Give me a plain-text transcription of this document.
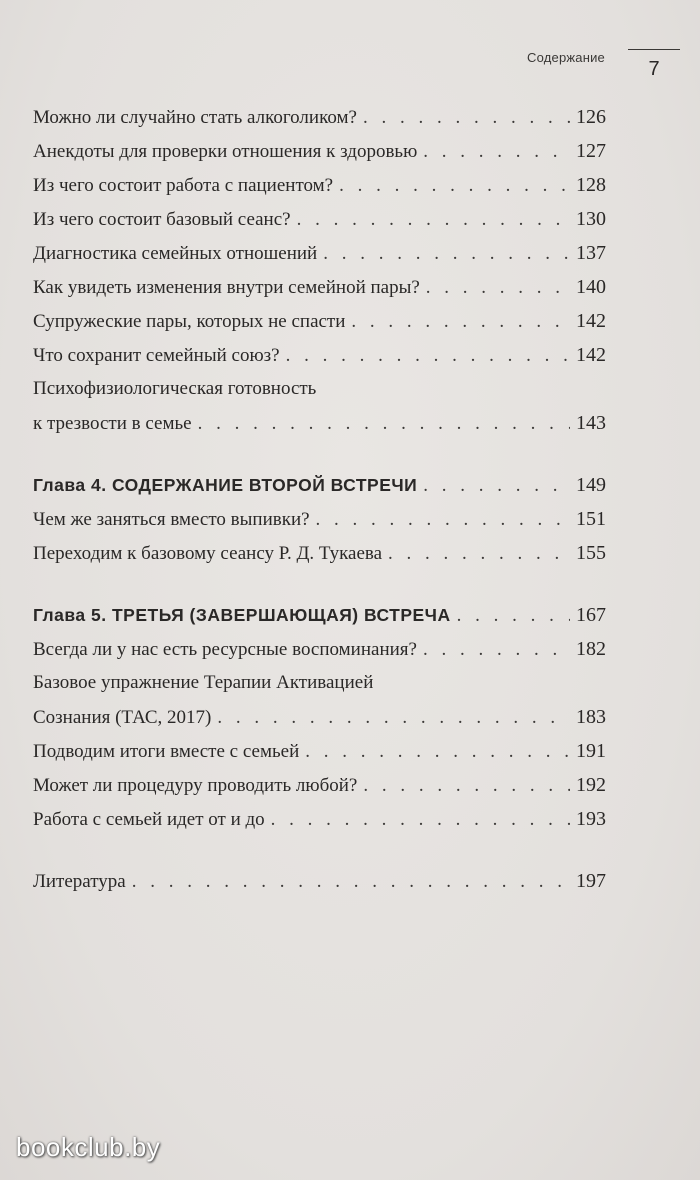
Содержание
7
Можно ли случайно стать алкоголиком? . . .	126
Анекдоты для проверки отношения к здоровью . . .	127
Из чего состоит работа с пациентом? . . .	128
Из чего состоит базовый сеанс? . . .	130
Диагностика семейных отношений . . .	137
Как увидеть изменения внутри семейной пары? . . .	140
Супружеские пары, которых не спасти . . .	142
Что сохранит семейный союз? . . .	142
Психофизиологическая готовность
к трезвости в семье . . .	143
Глава 4. СОДЕРЖАНИЕ ВТОРОЙ ВСТРЕЧИ . . .	149
Чем же заняться вместо выпивки? . . .	151
Переходим к базовому сеансу Р. Д. Тукаева . . .	155
Глава 5. ТРЕТЬЯ (ЗАВЕРШАЮЩАЯ) ВСТРЕЧА . . .	167
Всегда ли у нас есть ресурсные воспоминания? . . .	182
Базовое упражнение Терапии Активацией
Сознания (ТАС, 2017) . . .	183
Подводим итоги вместе с семьей . . .	191
Может ли процедуру проводить любой? . . .	192
Работа с семьей идет от и до . . .	193
Литература . . .	197
bookclub.by
